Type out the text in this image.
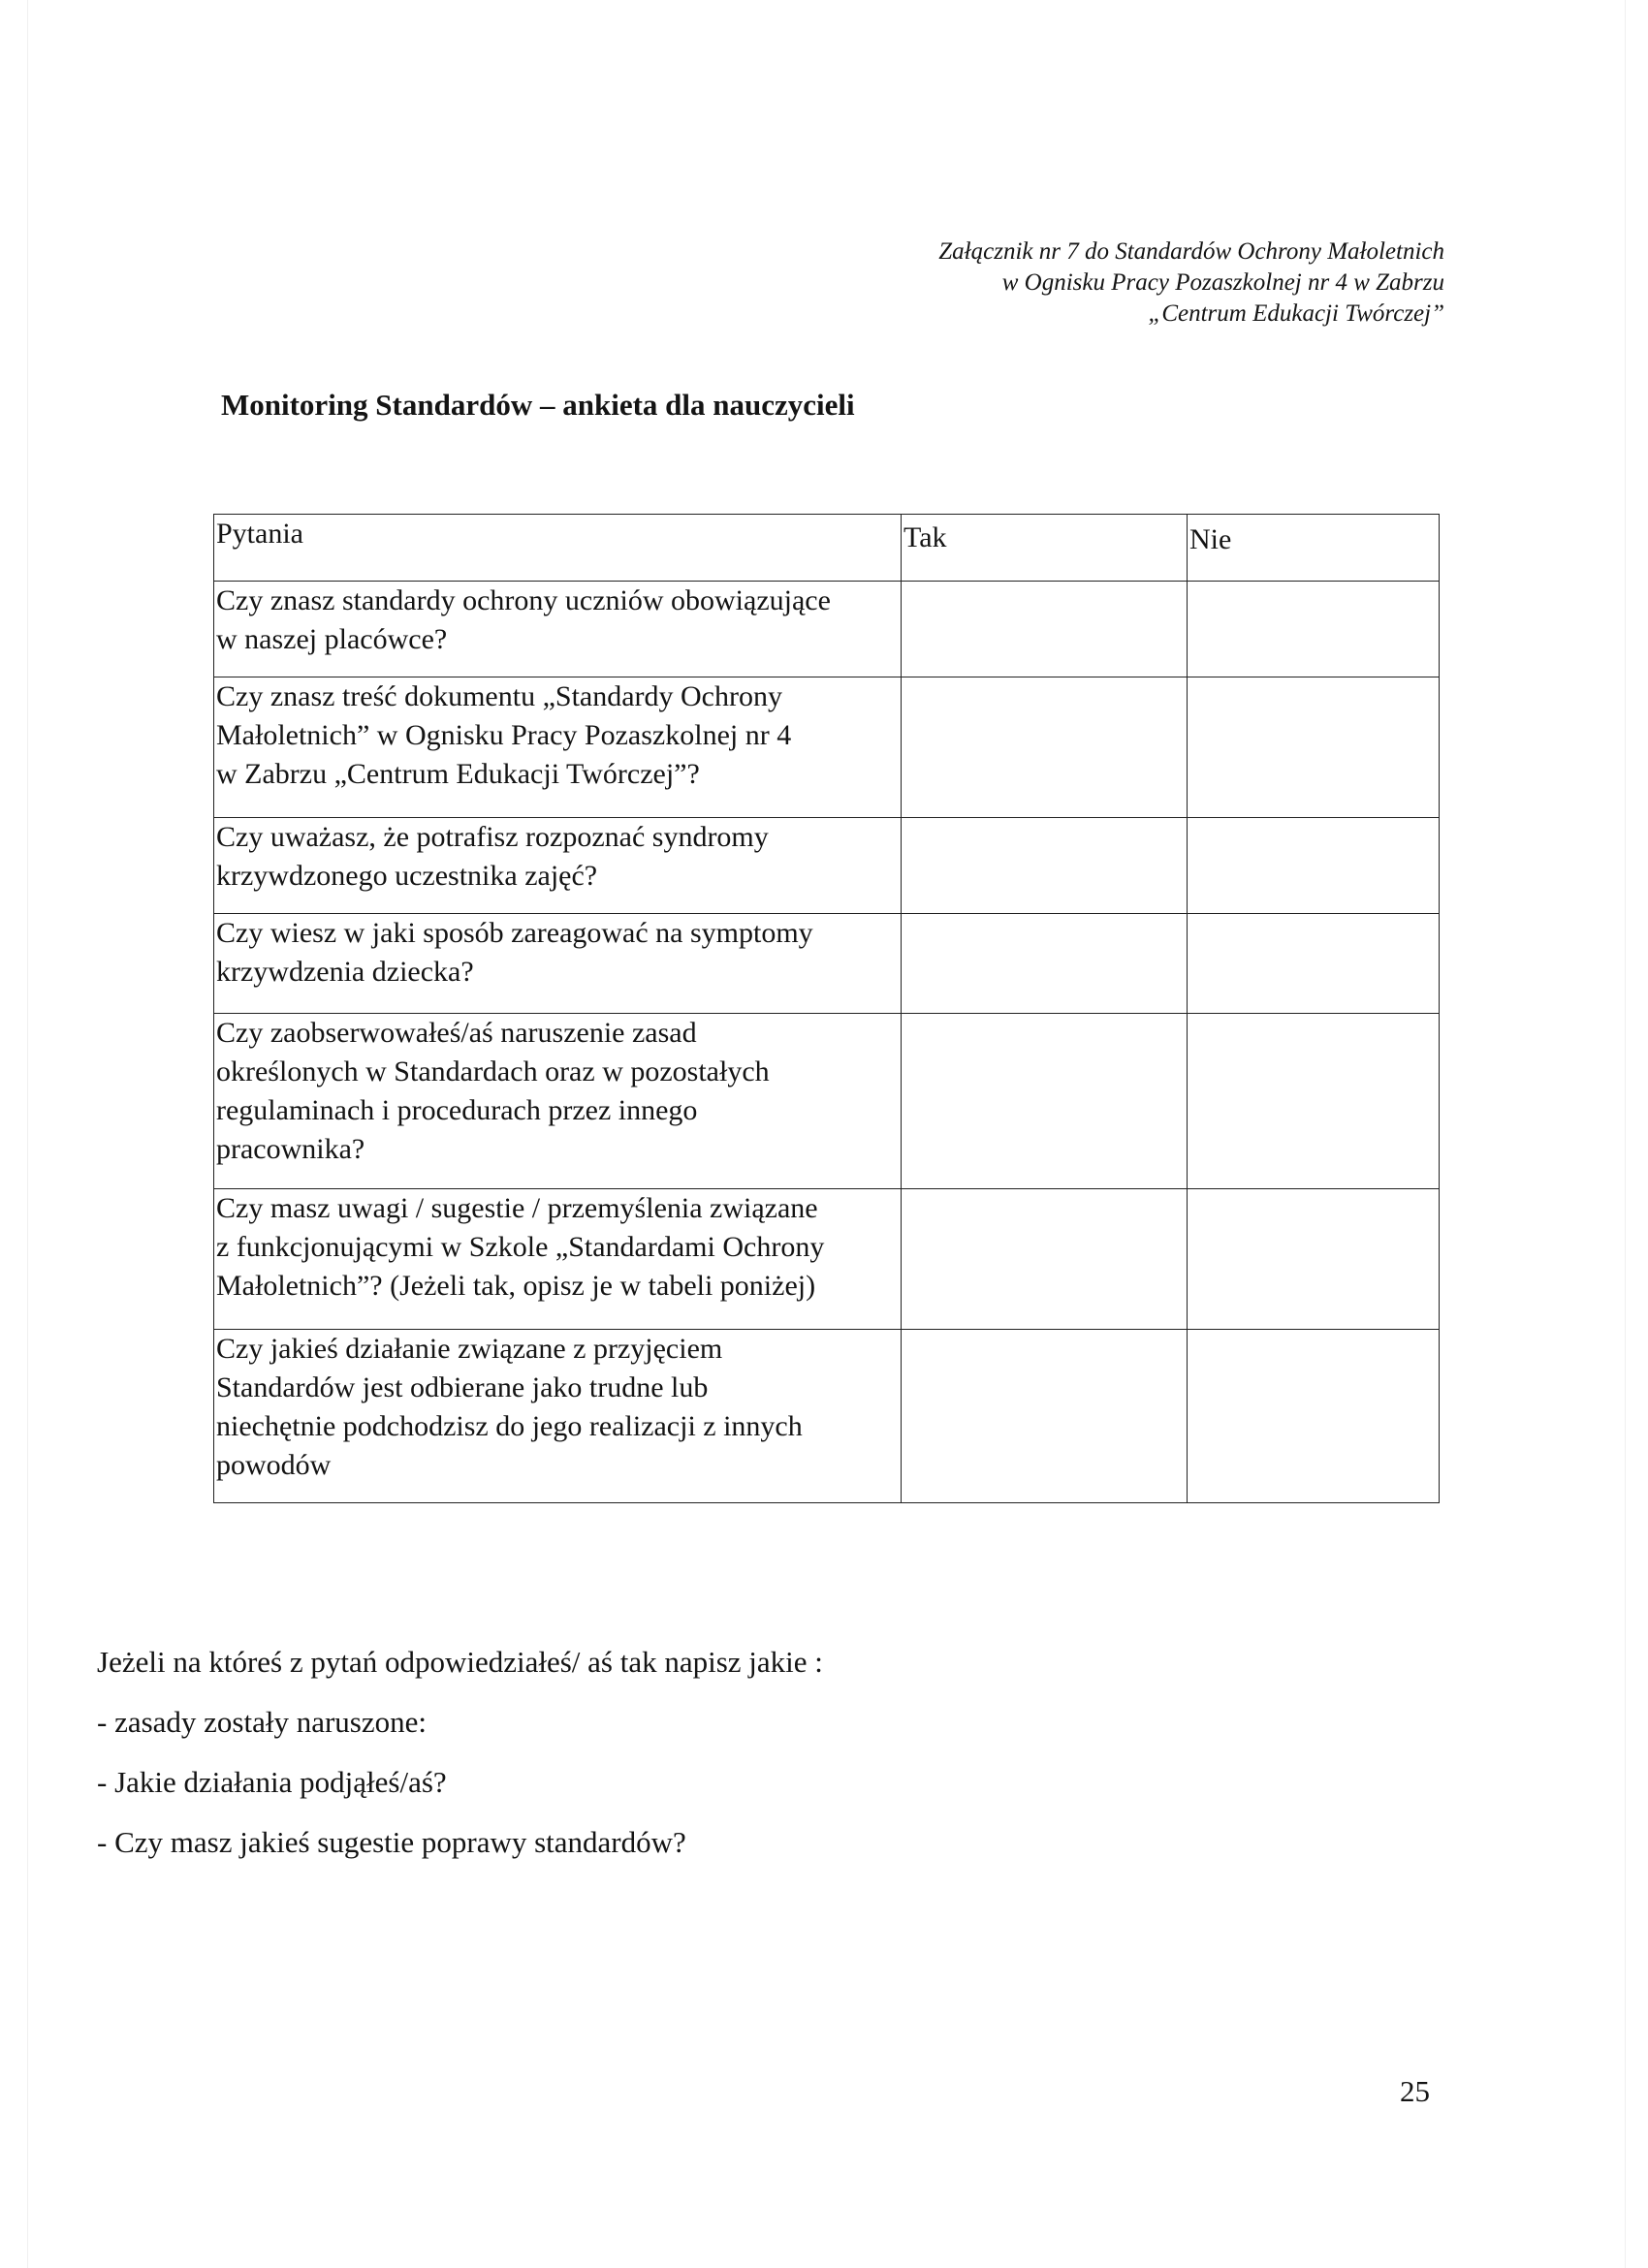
Załącznik nr 7 do Standardów Ochrony Małoletnich
w Ognisku Pracy Pozaszkolnej nr 4 w Zabrzu
„Centrum Edukacji Twórczej”
Monitoring Standardów – ankieta dla nauczycieli
Pytania	Tak	Nie
Czy znasz standardy ochrony uczniów obowiązujące
w naszej placówce?		
Czy znasz treść dokumentu „Standardy Ochrony
Małoletnich” w Ognisku Pracy Pozaszkolnej nr 4
w Zabrzu „Centrum Edukacji Twórczej”?		
Czy uważasz, że potrafisz rozpoznać syndromy
krzywdzonego uczestnika zajęć?		
Czy wiesz w jaki sposób zareagować na symptomy
krzywdzenia dziecka?		
Czy zaobserwowałeś/aś naruszenie zasad
określonych w Standardach oraz w pozostałych
regulaminach i procedurach przez innego
pracownika?		
Czy masz uwagi / sugestie / przemyślenia związane
z funkcjonującymi w Szkole „Standardami Ochrony
Małoletnich”? (Jeżeli tak, opisz je w tabeli poniżej)		
Czy jakieś działanie związane z przyjęciem
Standardów jest odbierane jako trudne lub
niechętnie podchodzisz do jego realizacji z innych
powodów		
Jeżeli na któreś z pytań odpowiedziałeś/ aś tak napisz jakie :
- zasady zostały naruszone:
- Jakie działania podjąłeś/aś?
- Czy masz jakieś sugestie poprawy standardów?
25
